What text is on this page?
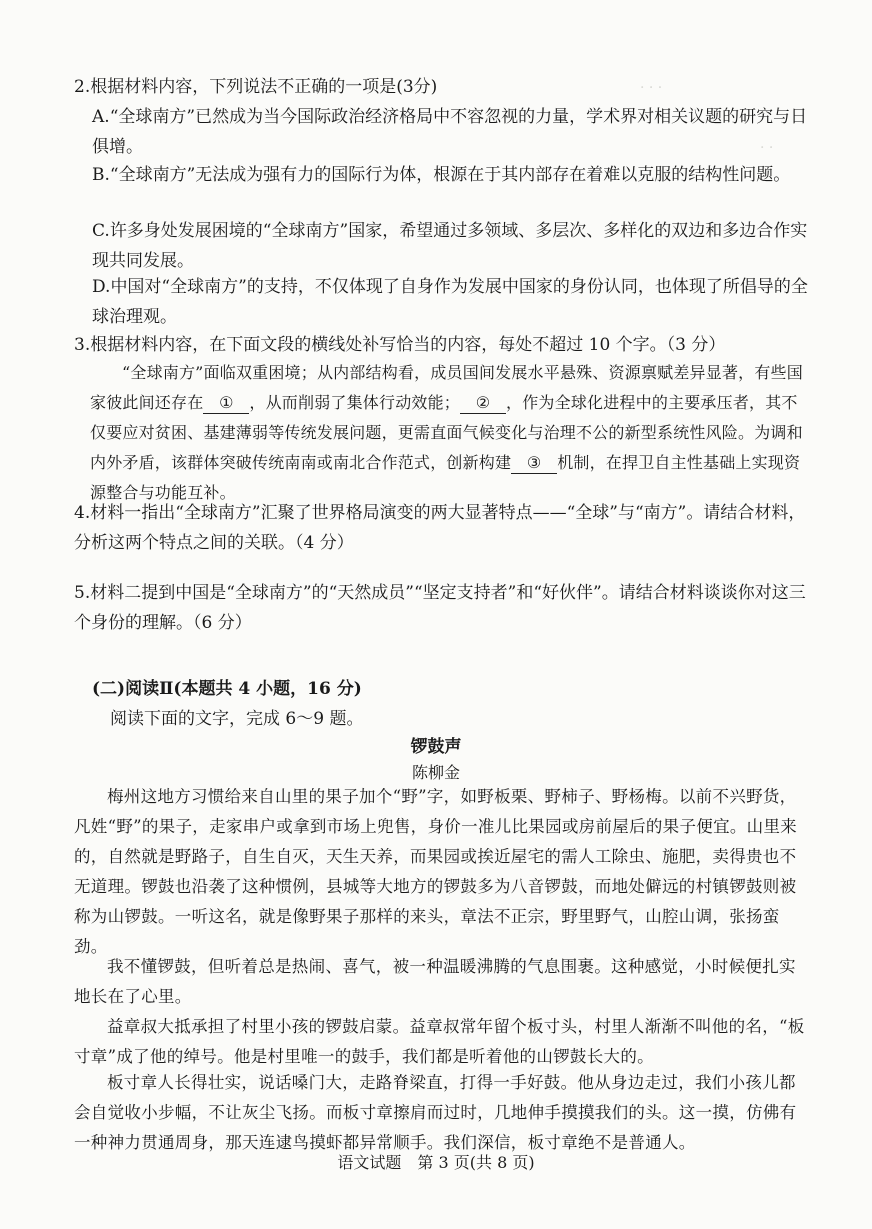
· · ·
· ·
2.根据材料内容，下列说法不正确的一项是(3分)
A.“全球南方”已然成为当今国际政治经济格局中不容忽视的力量，学术界对相关议题的研究与日俱增。
B.“全球南方”无法成为强有力的国际行为体，根源在于其内部存在着难以克服的结构性问题。
C.许多身处发展困境的“全球南方”国家，希望通过多领域、多层次、多样化的双边和多边合作实现共同发展。
D.中国对“全球南方”的支持，不仅体现了自身作为发展中国家的身份认同，也体现了所倡导的全球治理观。
3.根据材料内容，在下面文段的横线处补写恰当的内容，每处不超过 10 个字。（3 分）
“全球南方”面临双重困境；从内部结构看，成员国间发展水平悬殊、资源禀赋差异显著，有些国家彼此间还存在 ① ，从而削弱了集体行动效能； ② ，作为全球化进程中的主要承压者，其不仅要应对贫困、基建薄弱等传统发展问题，更需直面气候变化与治理不公的新型系统性风险。为调和内外矛盾，该群体突破传统南南或南北合作范式，创新构建 ③ 机制，在捍卫自主性基础上实现资源整合与功能互补。
4.材料一指出“全球南方”汇聚了世界格局演变的两大显著特点——“全球”与“南方”。请结合材料，分析这两个特点之间的关联。（4 分）
5.材料二提到中国是“全球南方”的“天然成员”“坚定支持者”和“好伙伴”。请结合材料谈谈你对这三个身份的理解。（6 分）
(二)阅读Ⅱ(本题共 4 小题，16 分)
阅读下面的文字，完成 6～9 题。
锣鼓声
陈柳金
梅州这地方习惯给来自山里的果子加个“野”字，如野板栗、野柿子、野杨梅。以前不兴野货，凡姓“野”的果子，走家串户或拿到市场上兜售，身价一准儿比果园或房前屋后的果子便宜。山里来的，自然就是野路子，自生自灭，天生天养，而果园或挨近屋宅的需人工除虫、施肥，卖得贵也不无道理。锣鼓也沿袭了这种惯例，县城等大地方的锣鼓多为八音锣鼓，而地处僻远的村镇锣鼓则被称为山锣鼓。一听这名，就是像野果子那样的来头，章法不正宗，野里野气，山腔山调，张扬蛮劲。
我不懂锣鼓，但听着总是热闹、喜气，被一种温暖沸腾的气息围裹。这种感觉，小时候便扎实地长在了心里。
益章叔大抵承担了村里小孩的锣鼓启蒙。益章叔常年留个板寸头，村里人渐渐不叫他的名，“板寸章”成了他的绰号。他是村里唯一的鼓手，我们都是听着他的山锣鼓长大的。
板寸章人长得壮实，说话嗓门大，走路脊梁直，打得一手好鼓。他从身边走过，我们小孩儿都会自觉收小步幅，不让灰尘飞扬。而板寸章擦肩而过时，几地伸手摸摸我们的头。这一摸，仿佛有一种神力贯通周身，那天连逮鸟摸虾都异常顺手。我们深信，板寸章绝不是普通人。
语文试题　第 3 页(共 8 页)
